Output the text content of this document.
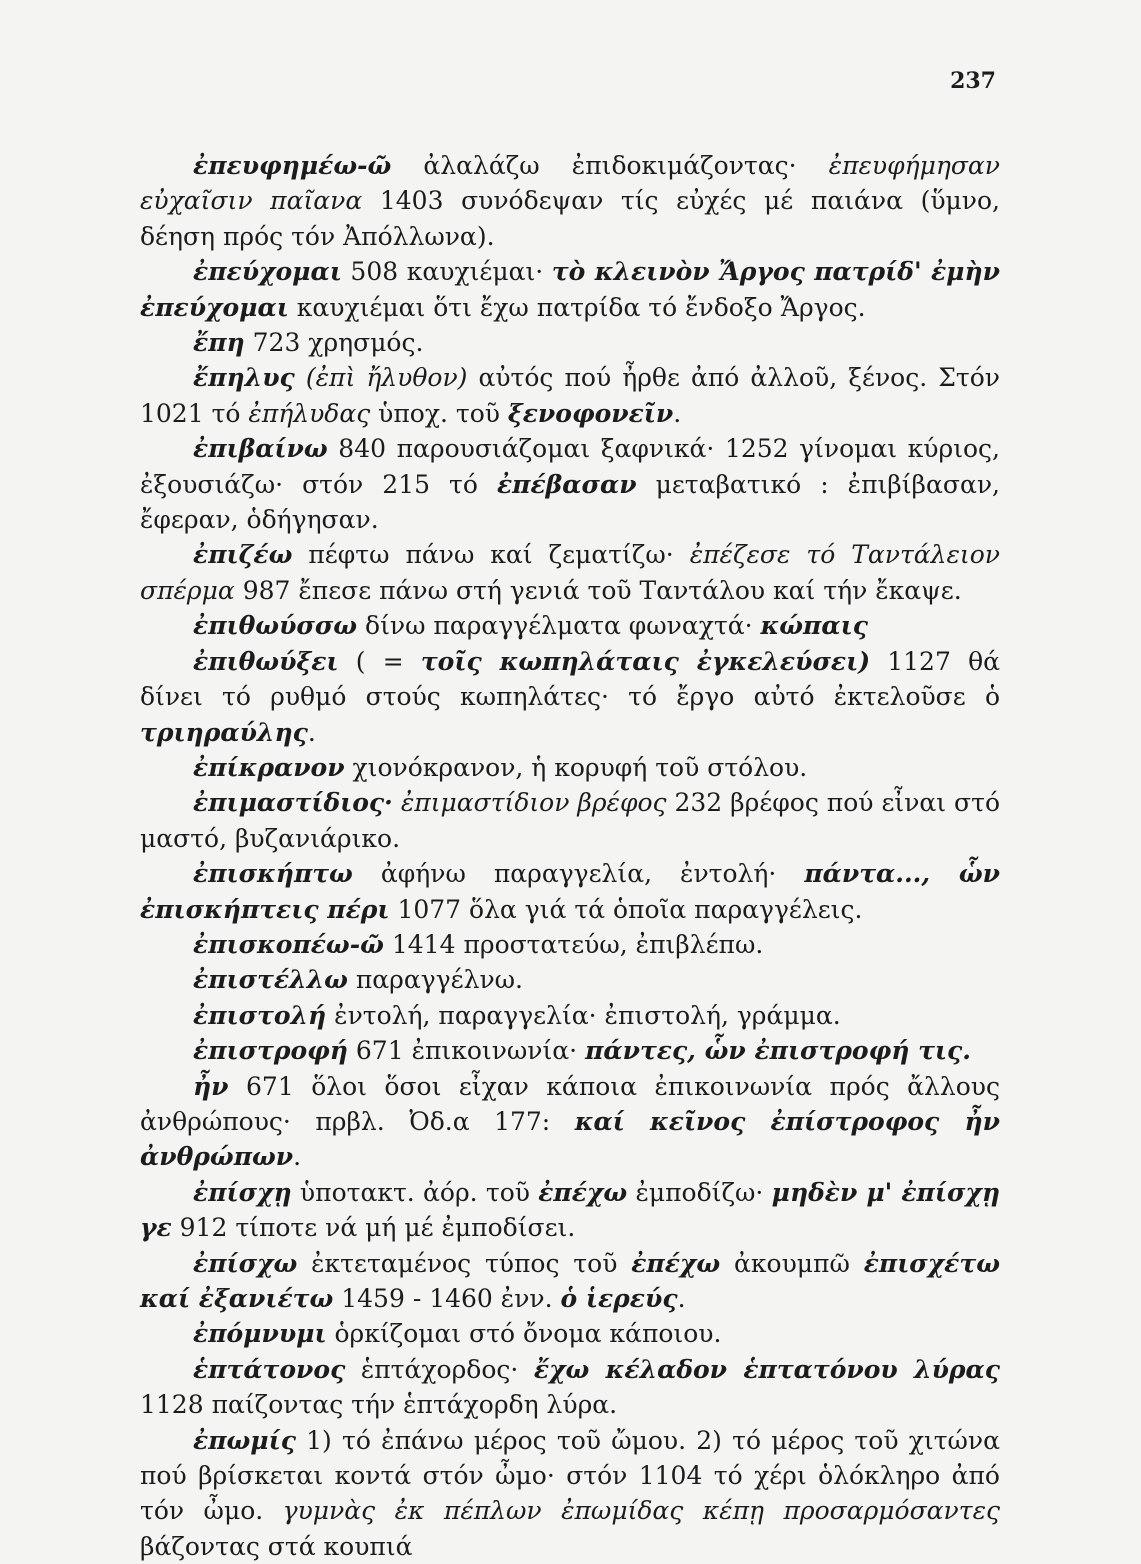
237

ἐπευφημέω-ῶ ἀλαλάζω ἐπιδοκιμάζοντας· ἐπευφήμησαν εὐχαῖσιν παῖανα 1403 συνόδεψαν τίς εὐχές μέ παιάνα (ὕμνο, δέηση πρός τόν Ἀπόλλωνα).

ἐπεύχομαι 508 καυχιέμαι· τὸ κλεινὸν Ἄργος πατρίδ' ἐμὴν ἐπεύχομαι καυχιέμαι ὅτι ἔχω πατρίδα τό ἔνδοξο Ἄργος.

ἔπη 723 χρησμός.

ἔπηλυς (ἐπὶ ἤλυθον) αὐτός πού ἦρθε ἀπό ἀλλοῦ, ξένος. Στόν 1021 τό ἐπήλυδας ὑποχ. τοῦ ξενοφονεῖν.

ἐπιβαίνω 840 παρουσιάζομαι ξαφνικά· 1252 γίνομαι κύριος, ἐξουσιάζω· στόν 215 τό ἐπέβασαν μεταβατικό : ἐπιβίβασαν, ἔφεραν, ὁδήγησαν.

ἐπιζέω πέφτω πάνω καί ζεματίζω· ἐπέζεσε τό Ταντάλειον σπέρμα 987 ἔπεσε πάνω στή γενιά τοῦ Ταντάλου καί τήν ἔκαψε.

ἐπιθωύσσω δίνω παραγγέλματα φωναχτά· κώπαις

ἐπιθωύξει ( = τοῖς κωπηλάταις ἐγκελεύσει) 1127 θά δίνει τό ρυθμό στούς κωπηλάτες· τό ἔργο αὐτό ἐκτελοῦσε ὁ τριηραύλης.

ἐπίκρανον χιονόκρανον, ἡ κορυφή τοῦ στόλου.

ἐπιμαστίδιος· ἐπιμαστίδιον βρέφος 232 βρέφος πού εἶναι στό μαστό, βυζανιάρικο.

ἐπισκήπτω ἀφήνω παραγγελία, ἐντολή· πάντα..., ὧν ἐπισκήπτεις πέρι 1077 ὅλα γιά τά ὁποῖα παραγγέλεις.

ἐπισκοπέω-ῶ 1414 προστατεύω, ἐπιβλέπω.

ἐπιστέλλω παραγγέλνω.

ἐπιστολή ἐντολή, παραγγελία· ἐπιστολή, γράμμα.

ἐπιστροφή 671 ἐπικοινωνία· πάντες, ὧν ἐπιστροφή τις.

ἦν 671 ὅλοι ὅσοι εἶχαν κάποια ἐπικοινωνία πρός ἄλλους ἀνθρώπους· πρβλ. Ὀδ.α 177: καί κεῖνος ἐπίστροφος ἦν ἀνθρώπων.

ἐπίσχῃ ὑποτακτ. ἀόρ. τοῦ ἐπέχω ἐμποδίζω· μηδὲν μ' ἐπίσχῃ γε 912 τίποτε νά μή μέ ἐμποδίσει.

ἐπίσχω ἐκτεταμένος τύπος τοῦ ἐπέχω ἀκουμπῶ ἐπισχέτω καί ἐξανιέτω 1459 - 1460 ἐνν. ὁ ἱερεύς.

ἐπόμνυμι ὁρκίζομαι στό ὄνομα κάποιου.

ἑπτάτονος ἑπτάχορδος· ἔχω κέλαδον ἑπτατόνου λύρας 1128 παίζοντας τήν ἑπτάχορδη λύρα.

ἐπωμίς 1) τό ἐπάνω μέρος τοῦ ὤμου. 2) τό μέρος τοῦ χιτώνα πού βρίσκεται κοντά στόν ὦμο· στόν 1104 τό χέρι ὁλόκληρο ἀπό τόν ὦμο. γυμνὰς ἐκ πέπλων ἐπωμίδας κέπῃ προσαρμόσαντες βάζοντας στά κουπιά
